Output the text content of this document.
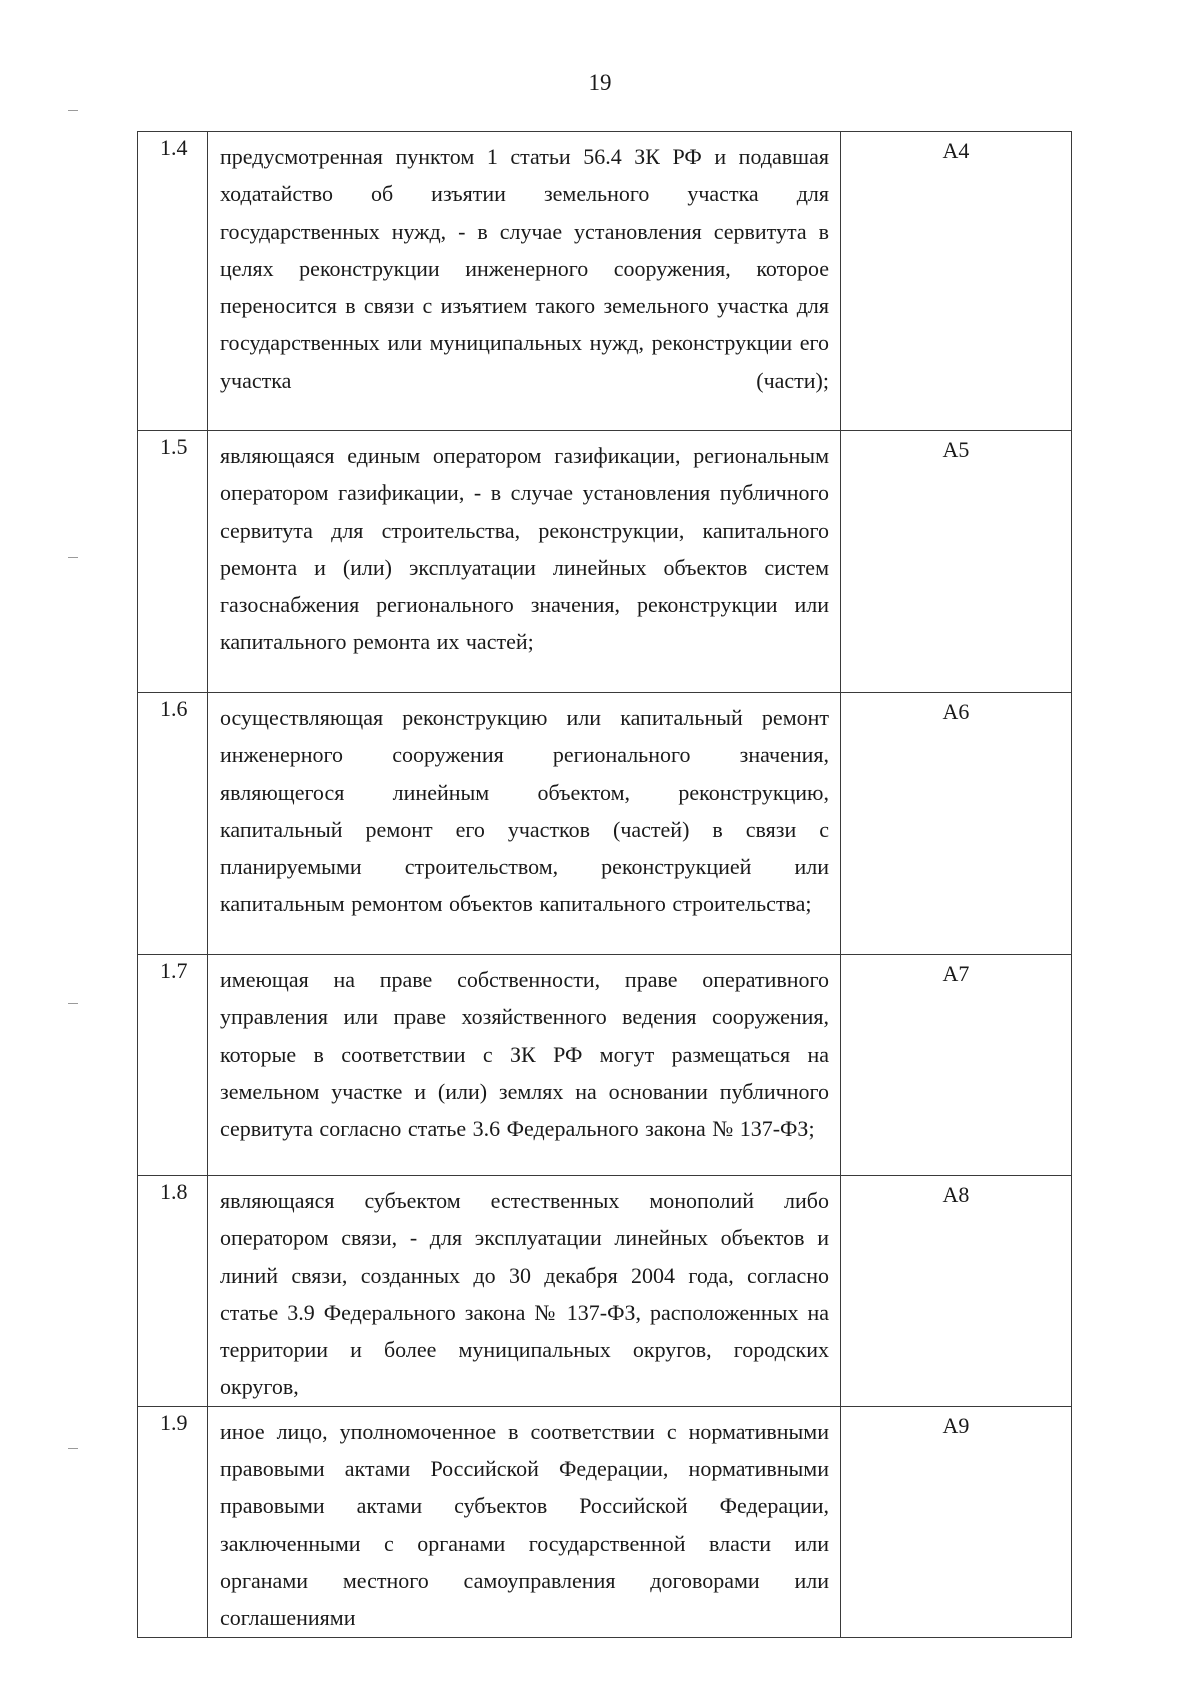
19
1.4	предусмотренная пунктом 1 статьи 56.4 ЗК РФ и подавшая ходатайство об изъятии земельного участка для государственных нужд, - в случае установления сервитута в целях реконструкции инженерного сооружения, которое переносится в связи с изъятием такого земельного участка для государственных или муниципальных нужд, реконструкции его участка (части);	А4
1.5	являющаяся единым оператором газификации, региональным оператором газификации, - в случае установления публичного сервитута для строительства, реконструкции, капитального ремонта и (или) эксплуатации линейных объектов систем газоснабжения регионального значения, реконструкции или капитального ремонта их частей;	А5
1.6	осуществляющая реконструкцию или капитальный ремонт инженерного сооружения регионального значения, являющегося линейным объектом, реконструкцию, капитальный ремонт его участков (частей) в связи с планируемыми строительством, реконструкцией или капитальным ремонтом объектов капитального строительства;	А6
1.7	имеющая на праве собственности, праве оперативного управления или праве хозяйственного ведения сооружения, которые в соответствии с ЗК РФ могут размещаться на земельном участке и (или) землях на основании публичного сервитута согласно статье 3.6 Федерального закона № 137-ФЗ;	А7
1.8	являющаяся субъектом естественных монополий либо оператором связи, - для эксплуатации линейных объектов и линий связи, созданных до 30 декабря 2004 года, согласно статье 3.9 Федерального закона № 137-ФЗ, расположенных на территории и более муниципальных округов, городских округов,	А8
1.9	иное лицо, уполномоченное в соответствии с нормативными правовыми актами Российской Федерации, нормативными правовыми актами субъектов Российской Федерации, заключенными с органами государственной власти или органами местного самоуправления договорами или соглашениями	А9
